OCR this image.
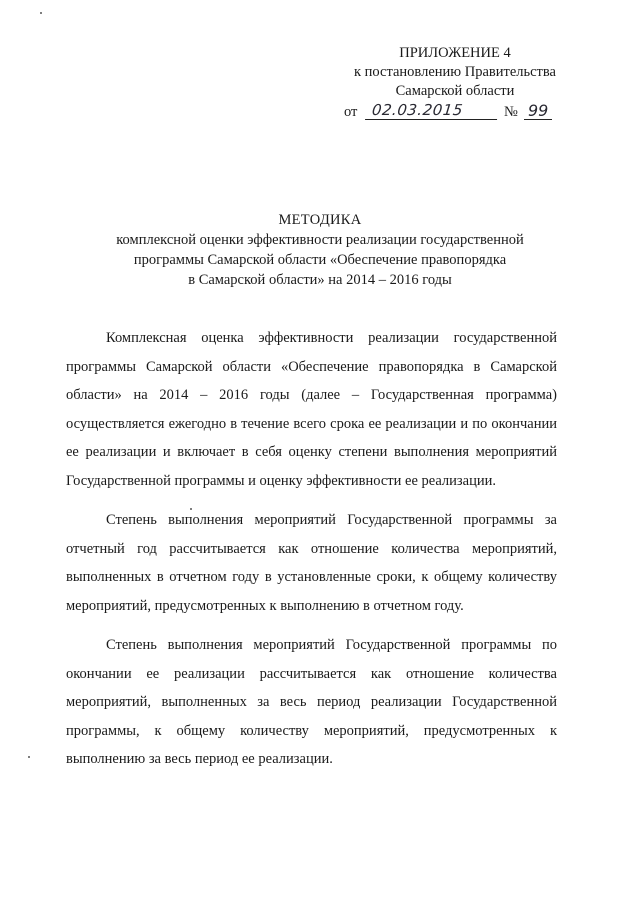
ПРИЛОЖЕНИЕ 4
к постановлению Правительства
Самарской области
от 02.03.2015	№ 99
МЕТОДИКА
комплексной оценки эффективности реализации государственной
программы Самарской области «Обеспечение правопорядка
в Самарской области» на 2014 – 2016 годы

Комплексная оценка эффективности реализации государственной программы Самарской области «Обеспечение правопорядка в Самарской области» на 2014 – 2016 годы (далее – Государственная программа) осуществляется ежегодно в течение всего срока ее реализации и по окончании ее реализации и включает в себя оценку степени выполнения мероприятий Государственной программы и оценку эффективности ее реализации.

Степень выполнения мероприятий Государственной программы за отчетный год рассчитывается как отношение количества мероприятий, выполненных в отчетном году в установленные сроки, к общему количеству мероприятий, предусмотренных к выполнению в отчетном году.

Степень выполнения мероприятий Государственной программы по окончании ее реализации рассчитывается как отношение количества мероприятий, выполненных за весь период реализации Государственной программы, к общему количеству мероприятий, предусмотренных к выполнению за весь период ее реализации.
